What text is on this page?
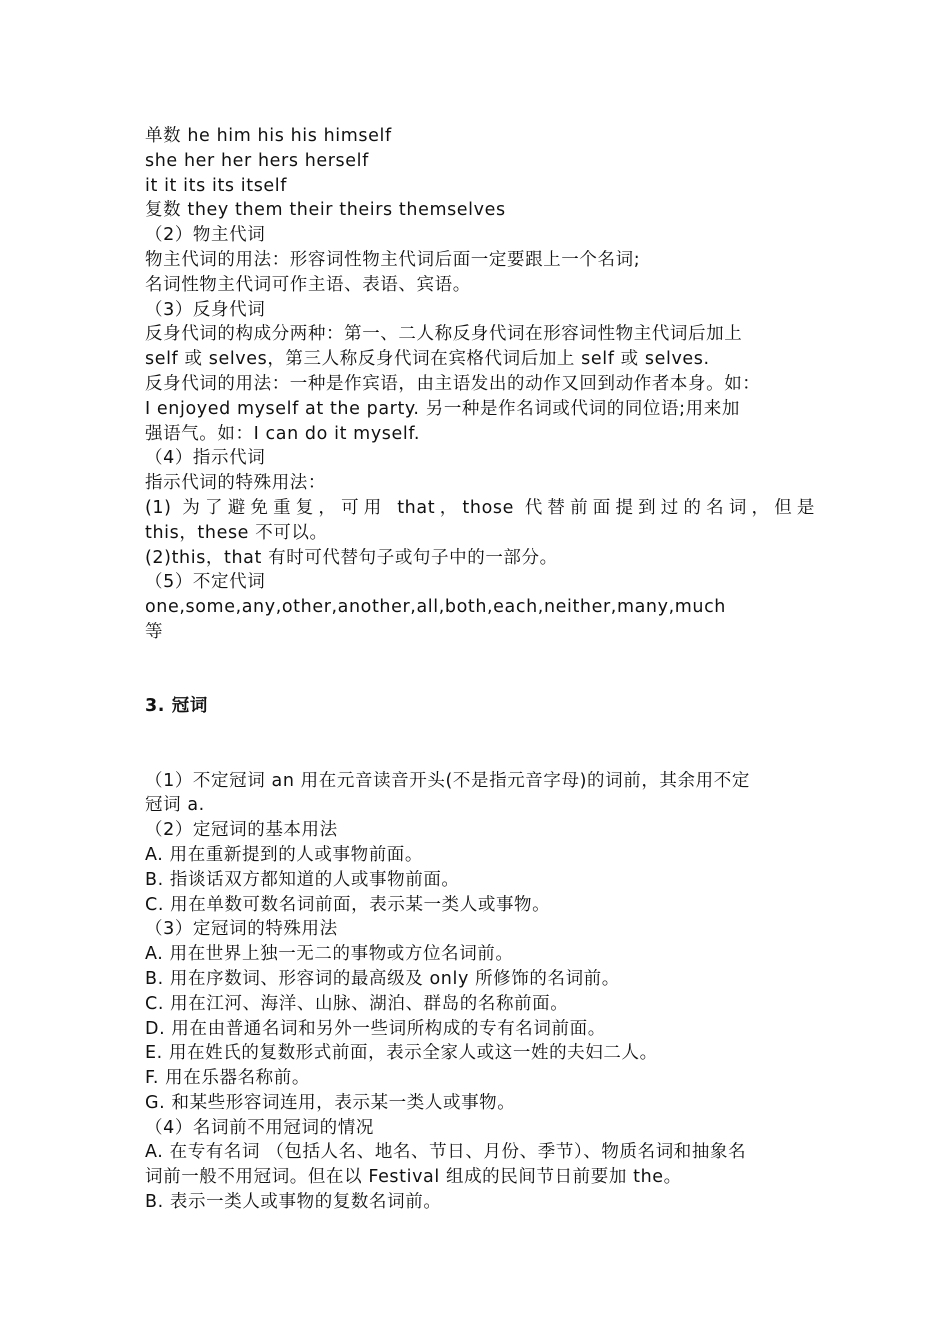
单数 he him his his himself

she her her hers herself

it it its its itself

复数 they them their theirs themselves

（2）物主代词

物主代词的用法：形容词性物主代词后面一定要跟上一个名词;

名词性物主代词可作主语、表语、宾语。

（3）反身代词

反身代词的构成分两种：第一、二人称反身代词在形容词性物主代词后加上

self 或 selves，第三人称反身代词在宾格代词后加上 self 或 selves.

反身代词的用法：一种是作宾语，由主语发出的动作又回到动作者本身。如：

I enjoyed myself at the party. 另一种是作名词或代词的同位语;用来加

强语气。如：I can do it myself.

（4）指示代词

指示代词的特殊用法：

(1) 为了避免重复，可用 that，those 代替前面提到过的名词，但是

this，these 不可以。

(2)this，that 有时可代替句子或句子中的一部分。

（5）不定代词

one,some,any,other,another,all,both,each,neither,many,much

等

3. 冠词

（1）不定冠词 an 用在元音读音开头(不是指元音字母)的词前，其余用不定

冠词 a.

（2）定冠词的基本用法

A. 用在重新提到的人或事物前面。

B. 指谈话双方都知道的人或事物前面。

C. 用在单数可数名词前面，表示某一类人或事物。

（3）定冠词的特殊用法

A. 用在世界上独一无二的事物或方位名词前。

B. 用在序数词、形容词的最高级及 only 所修饰的名词前。

C. 用在江河、海洋、山脉、湖泊、群岛的名称前面。

D. 用在由普通名词和另外一些词所构成的专有名词前面。

E. 用在姓氏的复数形式前面，表示全家人或这一姓的夫妇二人。

F. 用在乐器名称前。

G. 和某些形容词连用，表示某一类人或事物。

（4）名词前不用冠词的情况

A. 在专有名词 （包括人名、地名、节日、月份、季节）、物质名词和抽象名

词前一般不用冠词。但在以 Festival 组成的民间节日前要加 the。

B. 表示一类人或事物的复数名词前。
